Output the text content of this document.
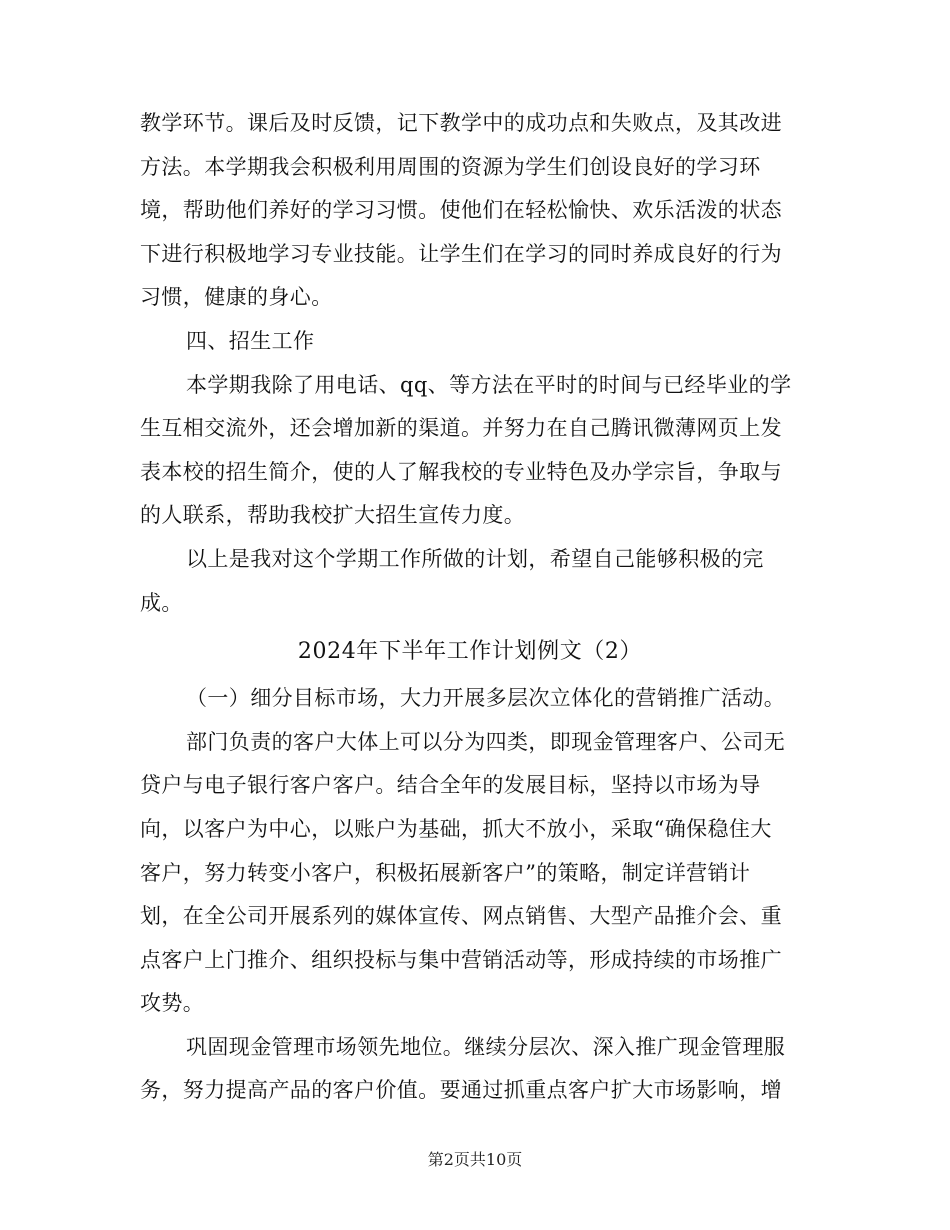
教学环节。课后及时反馈，记下教学中的成功点和失败点，及其改进
方法。本学期我会积极利用周围的资源为学生们创设良好的学习环
境，帮助他们养好的学习习惯。使他们在轻松愉快、欢乐活泼的状态
下进行积极地学习专业技能。让学生们在学习的同时养成良好的行为
习惯，健康的身心。
四、招生工作
本学期我除了用电话、qq、等方法在平时的时间与已经毕业的学
生互相交流外，还会增加新的渠道。并努力在自己腾讯微薄网页上发
表本校的招生简介，使的人了解我校的专业特色及办学宗旨，争取与
的人联系，帮助我校扩大招生宣传力度。
以上是我对这个学期工作所做的计划，希望自己能够积极的完
成。
2024年下半年工作计划例文（2）
（一）细分目标市场，大力开展多层次立体化的营销推广活动。
部门负责的客户大体上可以分为四类，即现金管理客户、公司无
贷户与电子银行客户客户。结合全年的发展目标，坚持以市场为导
向，以客户为中心，以账户为基础，抓大不放小，采取“确保稳住大
客户，努力转变小客户，积极拓展新客户”的策略，制定详营销计
划，在全公司开展系列的媒体宣传、网点销售、大型产品推介会、重
点客户上门推介、组织投标与集中营销活动等，形成持续的市场推广
攻势。
巩固现金管理市场领先地位。继续分层次、深入推广现金管理服
务，努力提高产品的客户价值。要通过抓重点客户扩大市场影响，增
第2页共10页
